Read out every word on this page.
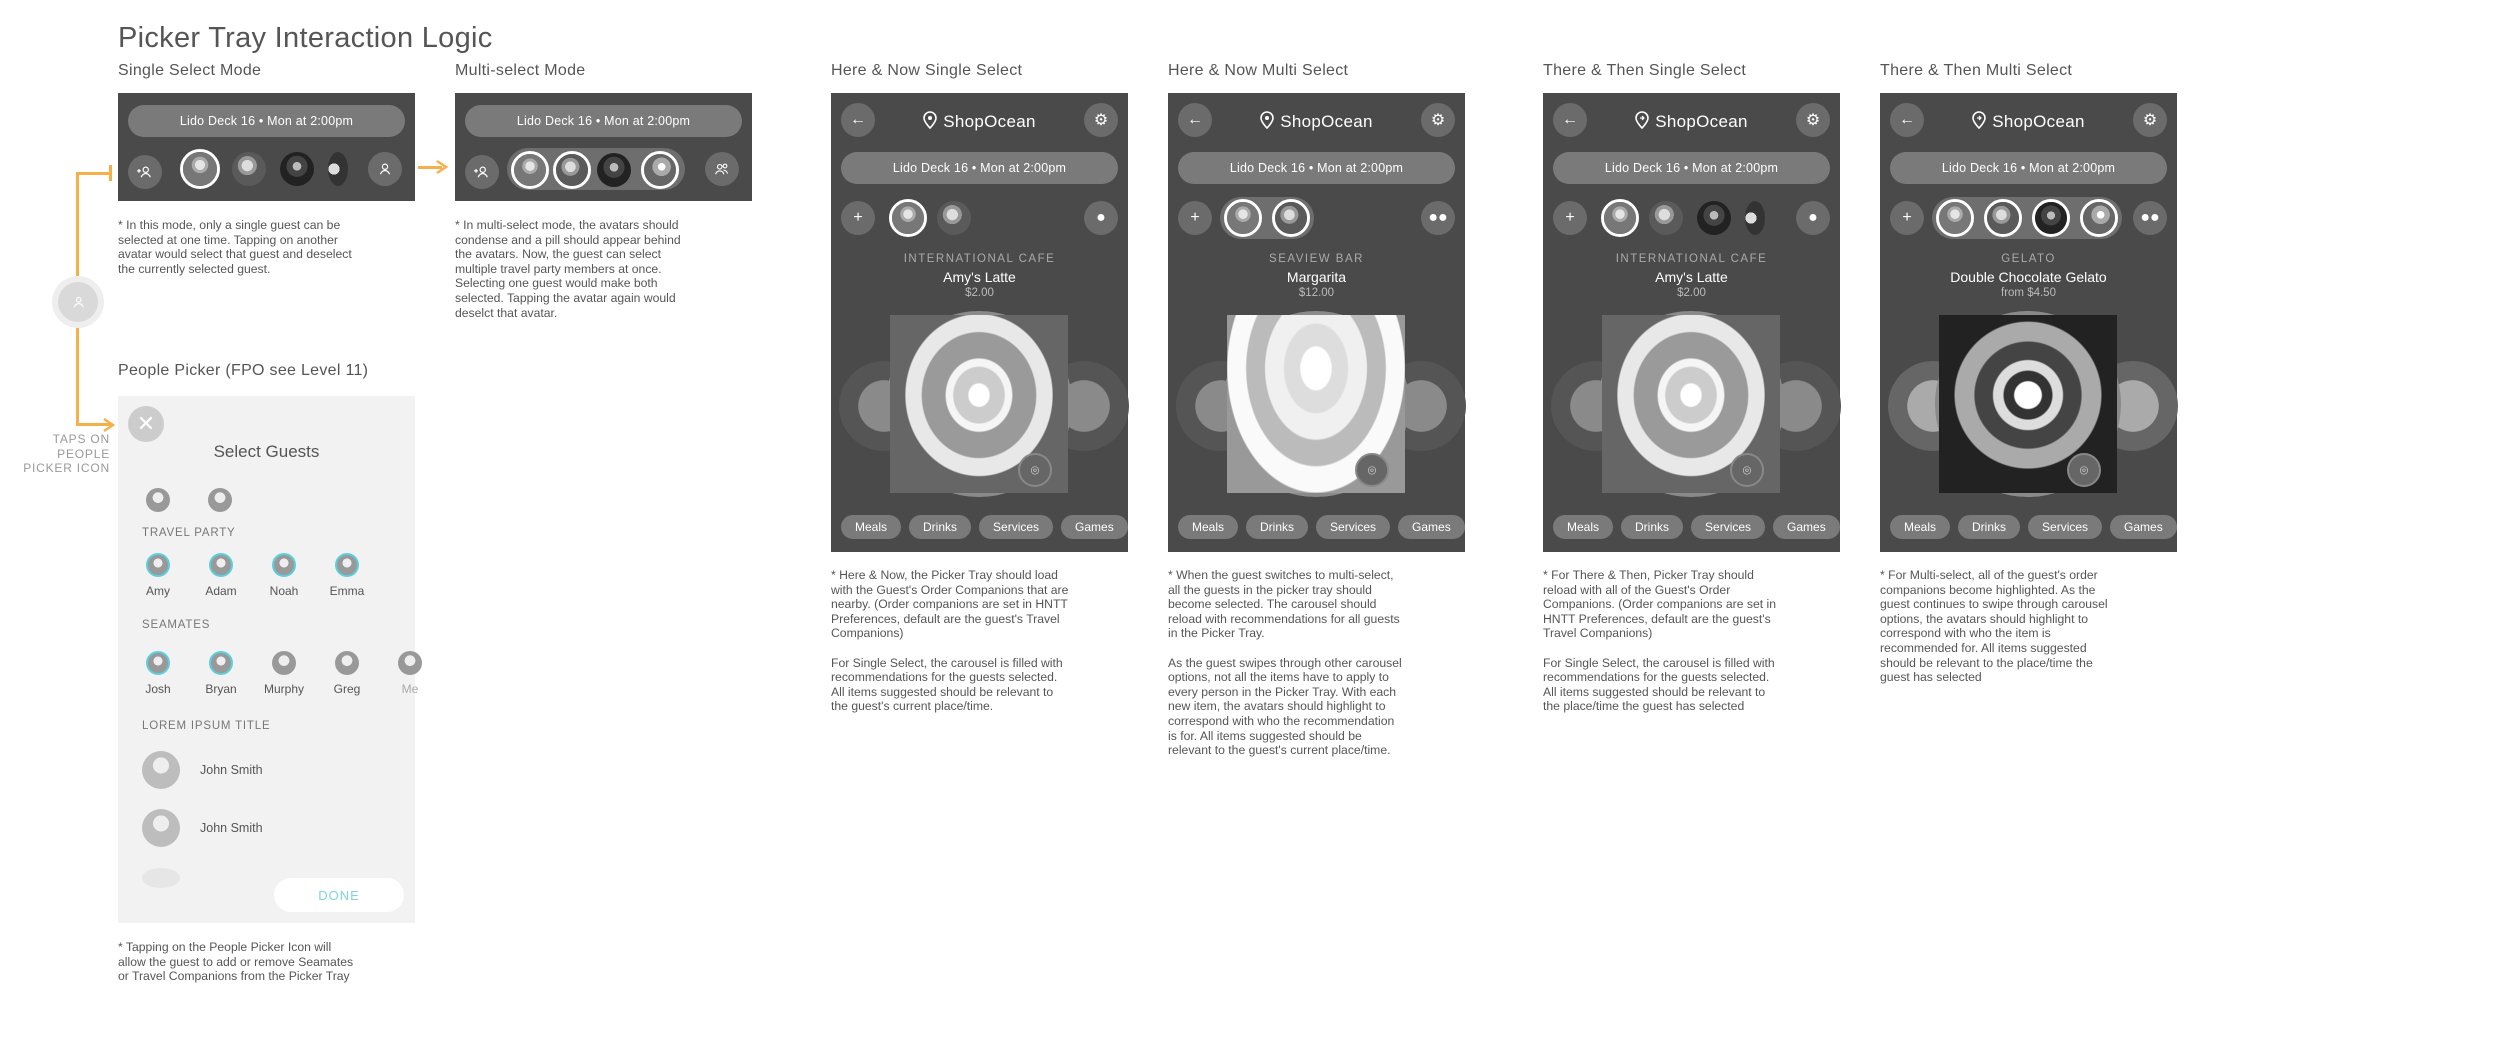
Picker Tray Interaction Logic
Single Select Mode	Multi-select Mode
People Picker (FPO see Level 11)
Here & Now Single Select	Here & Now Multi Select	There & Then Single Select	There & Then Multi Select
Lido Deck 16 • Mon at 2:00pm	Lido Deck 16 • Mon at 2:00pm
* In this mode, only a single guest can be
selected at one time. Tapping on another
avatar would select that guest and deselect
the currently selected guest.
* In multi-select mode, the avatars should
condense and a pill should appear behind
the avatars. Now, the guest can select
multiple travel party members at once.
Selecting one guest would make both
selected. Tapping the avatar again would
deselct that avatar.
TAPS ON
PEOPLE
PICKER ICON
✕
Select Guests
TRAVEL PARTY
Amy	Adam	Noah	Emma
SEAMATES
Josh	Bryan	Murphy	Greg	Me
LOREM IPSUM TITLE
John Smith
John Smith
DONE
* Tapping on the People Picker Icon will
allow the guest to add or remove Seamates
or Travel Companions from the Picker Tray
←	ShopOcean	⚙
Lido Deck 16 • Mon at 2:00pm
+	●
INTERNATIONAL CAFE
Amy's Latte
$2.00
⌾
Meals	Drinks	Services	Games
* Here & Now, the Picker Tray should load
with the Guest's Order Companions that are
nearby. (Order companions are set in HNTT
Preferences, default are the guest's Travel
Companions)

For Single Select, the carousel is filled with
recommendations for the guests selected.
All items suggested should be relevant to
the guest's current place/time.
←	ShopOcean	⚙
Lido Deck 16 • Mon at 2:00pm
+	●●
SEAVIEW BAR
Margarita
$12.00
⌾
Meals	Drinks	Services	Games
* When the guest switches to multi-select,
all the guests in the picker tray should
become selected. The carousel should
reload with recommendations for all guests
in the Picker Tray.

As the guest swipes through other carousel
options, not all the items have to apply to
every person in the Picker Tray. With each
new item, the avatars should highlight to
correspond with who the recommendation
is for. All items suggested should be
relevant to the guest's current place/time.
←	ShopOcean	⚙
Lido Deck 16 • Mon at 2:00pm
+	●
INTERNATIONAL CAFE
Amy's Latte
$2.00
⌾
Meals	Drinks	Services	Games
* For There & Then, Picker Tray should
reload with all of the Guest's Order
Companions. (Order companions are set in
HNTT Preferences, default are the guest's
Travel Companions)

For Single Select, the carousel is filled with
recommendations for the guests selected.
All items suggested should be relevant to
the place/time the guest has selected
←	ShopOcean	⚙
Lido Deck 16 • Mon at 2:00pm
+	●●
GELATO
Double Chocolate Gelato
from $4.50
⌾
Meals	Drinks	Services	Games
* For Multi-select, all of the guest's order
companions become highlighted. As the
guest continues to swipe through carousel
options, the avatars should highlight to
correspond with who the item is
recommended for. All items suggested
should be relevant to the place/time the
guest has selected
